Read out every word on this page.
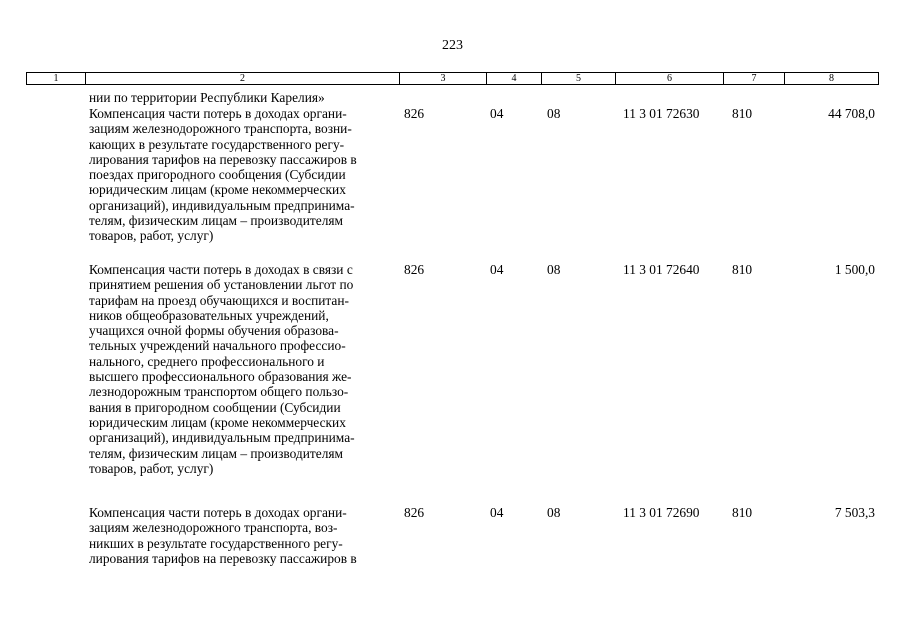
223
1	2	3	4	5	6	7	8
нии по территории Республики Карелия»
Компенсация части потерь в доходах органи-
зациям железнодорожного транспорта, возни-
кающих в результате государственного регу-
лирования тарифов на перевозку пассажиров в
поездах пригородного сообщения (Субсидии
юридическим лицам (кроме некоммерческих
организаций), индивидуальным предпринима-
телям, физическим лицам – производителям
товаров, работ, услуг)
826	04	08	11 3 01 72630 810	44 708,0
Компенсация части потерь в доходах в связи с
принятием решения об установлении льгот по
тарифам на проезд обучающихся и воспитан-
ников общеобразовательных учреждений,
учащихся очной формы обучения образова-
тельных учреждений начального профессио-
нального, среднего профессионального и
высшего профессионального образования же-
лезнодорожным транспортом общего пользо-
вания в пригородном сообщении (Субсидии
юридическим лицам (кроме некоммерческих
организаций), индивидуальным предпринима-
телям, физическим лицам – производителям
товаров, работ, услуг)
826	04	08	11 3 01 72640 810	1 500,0
Компенсация части потерь в доходах органи-
зациям железнодорожного транспорта, воз-
никших в результате государственного регу-
лирования тарифов на перевозку пассажиров в
826	04	08	11 3 01 72690 810	7 503,3
